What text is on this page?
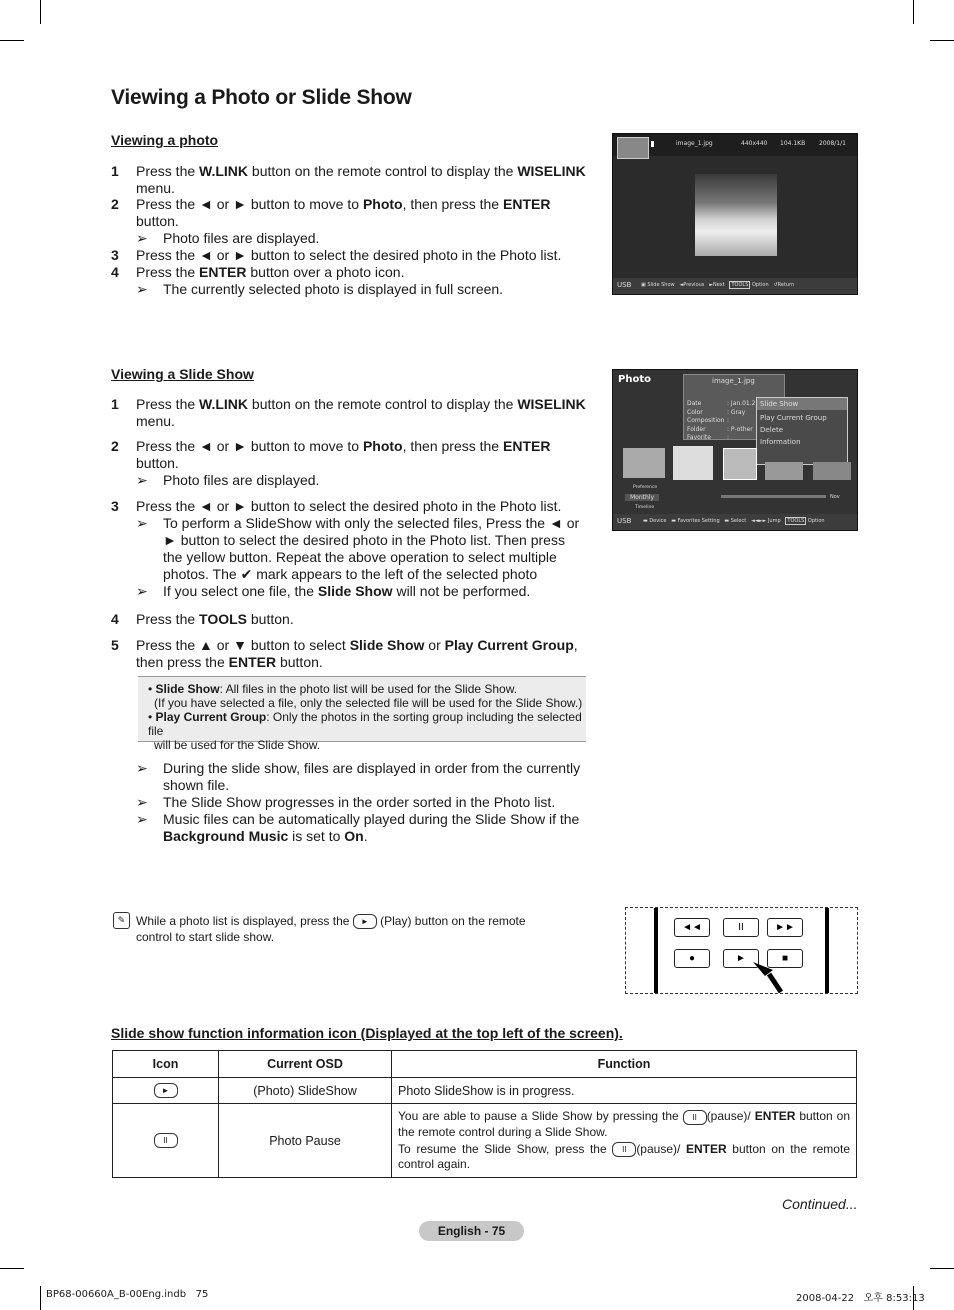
Viewing a Photo or Slide Show
Viewing a photo
1 Press the W.LINK button on the remote control to display the WISELINK menu.
2 Press the ◄ or ► button to move to Photo, then press the ENTER button.
➢ Photo files are displayed.
3 Press the ◄ or ► button to select the desired photo in the Photo list.
4 Press the ENTER button over a photo icon.
➢ The currently selected photo is displayed in full screen.
image_1.jpg	440x440 104.1KB 2008/1/1
USB ▣ Slide Show ◄Previous ►Next TOOLS Option ↺Return
Viewing a Slide Show
1 Press the W.LINK button on the remote control to display the WISELINK menu.
2 Press the ◄ or ► button to move to Photo, then press the ENTER button.
➢ Photo files are displayed.
3 Press the ◄ or ► button to select the desired photo in the Photo list.
➢ To perform a SlideShow with only the selected files, Press the ◄ or ► button to select the desired photo in the Photo list. Then press the yellow button. Repeat the above operation to select multiple photos. The ✔ mark appears to the left of the selected photo
➢ If you select one file, the Slide Show will not be performed.
4 Press the TOOLS button.
5 Press the ▲ or ▼ button to select Slide Show or Play Current Group, then press the ENTER button.
• Slide Show: All files in the photo list will be used for the Slide Show.
(If you have selected a file, only the selected file will be used for the Slide Show.)
• Play Current Group: Only the photos in the sorting group including the selected file
will be used for the Slide Show.
➢ During the slide show, files are displayed in order from the currently shown file.
➢ The Slide Show progresses in the order sorted in the Photo list.
➢ Music files can be automatically played during the Slide Show if the Background Music is set to On.
Photo	image_1.jpg
Date	: Jan.01.2
Color	: Gray
Composition :
Folder	: P-other
Favorite	:
Slide Show
Play Current Group
Delete
Information
Preference
Monthly
Timeline
Nov
USB ▬ Device ▬ Favorites Setting ▬ Select ◄◄►► Jump TOOLS Option
✎ While a photo list is displayed, press the ► (Play) button on the remote control to start slide show.
◄◄	II	►►
●	►	■
Slide show function information icon (Displayed at the top left of the screen).
Icon	Current OSD	Function
►	(Photo) SlideShow	Photo SlideShow is in progress.
II	Photo Pause	You are able to pause a Slide Show by pressing the II (pause)/ ENTER button on the remote control during a Slide Show.
To resume the Slide Show, press the II (pause)/ ENTER button on the remote control again.
Continued...
English - 75
BP68-00660A_B-00Eng.indb   75	2008-04-22   오후 8:53:13
